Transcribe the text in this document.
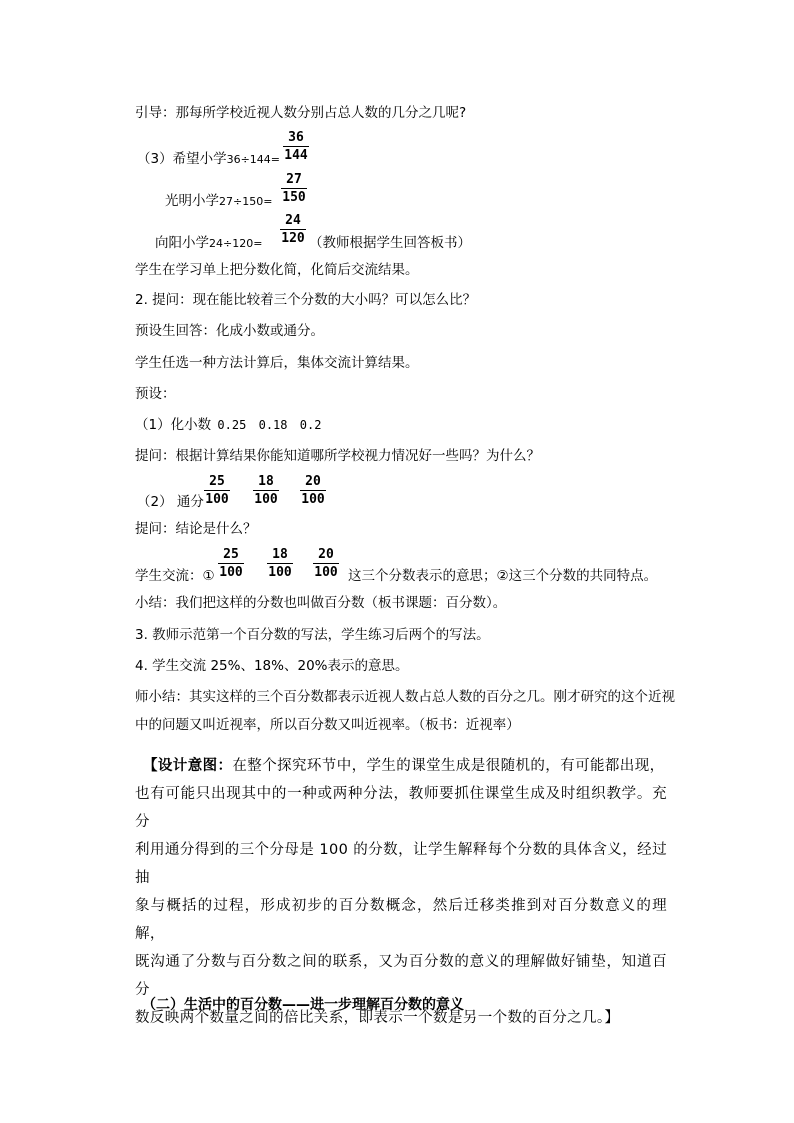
引导：那每所学校近视人数分别占总人数的几分之几呢?
（3）希望小学36÷144=
36
144
光明小学27÷150=
27
150
向阳小学24÷120=
24
120 （教师根据学生回答板书）
学生在学习单上把分数化简，化简后交流结果。
2. 提问：现在能比较着三个分数的大小吗？可以怎么比？
预设生回答：化成小数或通分。
学生任选一种方法计算后，集体交流计算结果。
预设：
（1）化小数 0.25 0.18 0.2
提问：根据计算结果你能知道哪所学校视力情况好一些吗？为什么？
（2） 通分
25
100
18
100
20
100
提问：结论是什么？
学生交流：①
25
100
18
100
20
100 这三个分数表示的意思；②这三个分数的共同特点。
小结：我们把这样的分数也叫做百分数（板书课题：百分数）。
3. 教师示范第一个百分数的写法，学生练习后两个的写法。
4. 学生交流 25%、18%、20%表示的意思。
师小结：其实这样的三个百分数都表示近视人数占总人数的百分之几。刚才研究的这个近视
中的问题又叫近视率，所以百分数又叫近视率。（板书：近视率）
【设计意图：在整个探究环节中，学生的课堂生成是很随机的，有可能都出现，
也有可能只出现其中的一种或两种分法，教师要抓住课堂生成及时组织教学。充分
利用通分得到的三个分母是 100 的分数，让学生解释每个分数的具体含义，经过抽
象与概括的过程，形成初步的百分数概念，然后迁移类推到对百分数意义的理解，
既沟通了分数与百分数之间的联系，又为百分数的意义的理解做好铺垫，知道百分
数反映两个数量之间的倍比关系，即表示一个数是另一个数的百分之几。】
（二）生活中的百分数——进一步理解百分数的意义
